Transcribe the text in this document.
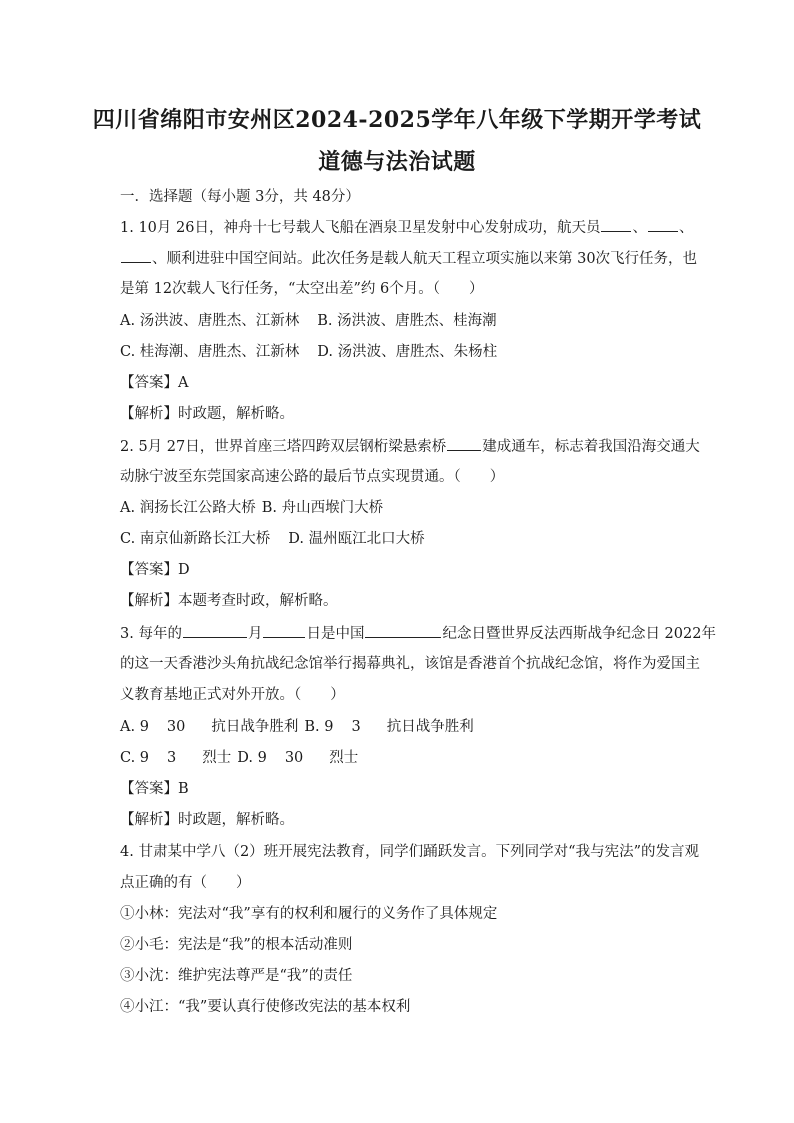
四川省绵阳市安州区2024-2025学年八年级下学期开学考试
道德与法治试题
一．选择题（每小题 3分，共 48分）
1. 10月 26日，神舟十七号载人飞船在酒泉卫星发射中心发射成功，航天员 、 、
、顺利进驻中国空间站。此次任务是载人航天工程立项实施以来第 30次飞行任务，也
是第 12次载人飞行任务，“太空出差”约 6个月。（　　）
A. 汤洪波、唐胜杰、江新林 B. 汤洪波、唐胜杰、桂海潮
C. 桂海潮、唐胜杰、江新林 D. 汤洪波、唐胜杰、朱杨柱
【答案】A
【解析】时政题，解析略。
2. 5月 27日，世界首座三塔四跨双层钢桁梁悬索桥 建成通车，标志着我国沿海交通大
动脉宁波至东莞国家高速公路的最后节点实现贯通。（　　）
A. 润扬长江公路大桥 B. 舟山西堠门大桥
C. 南京仙新路长江大桥 D. 温州瓯江北口大桥
【答案】D
【解析】本题考查时政，解析略。
3. 每年的	月	日是中国	纪念日暨世界反法西斯战争纪念日 2022年
的这一天香港沙头角抗战纪念馆举行揭幕典礼，该馆是香港首个抗战纪念馆，将作为爱国主
义教育基地正式对外开放。（　　）
A. 9 30 抗日战争胜利 B. 9 3 抗日战争胜利
C. 9 3 烈士 D. 9 30 烈士
【答案】B
【解析】时政题，解析略。
4. 甘肃某中学八（2）班开展宪法教育，同学们踊跃发言。下列同学对“我与宪法”的发言观
点正确的有（　　）
①小林：宪法对“我”享有的权利和履行的义务作了具体规定
②小毛：宪法是“我”的根本活动准则
③小沈：维护宪法尊严是“我”的责任
④小江：“我”要认真行使修改宪法的基本权利
